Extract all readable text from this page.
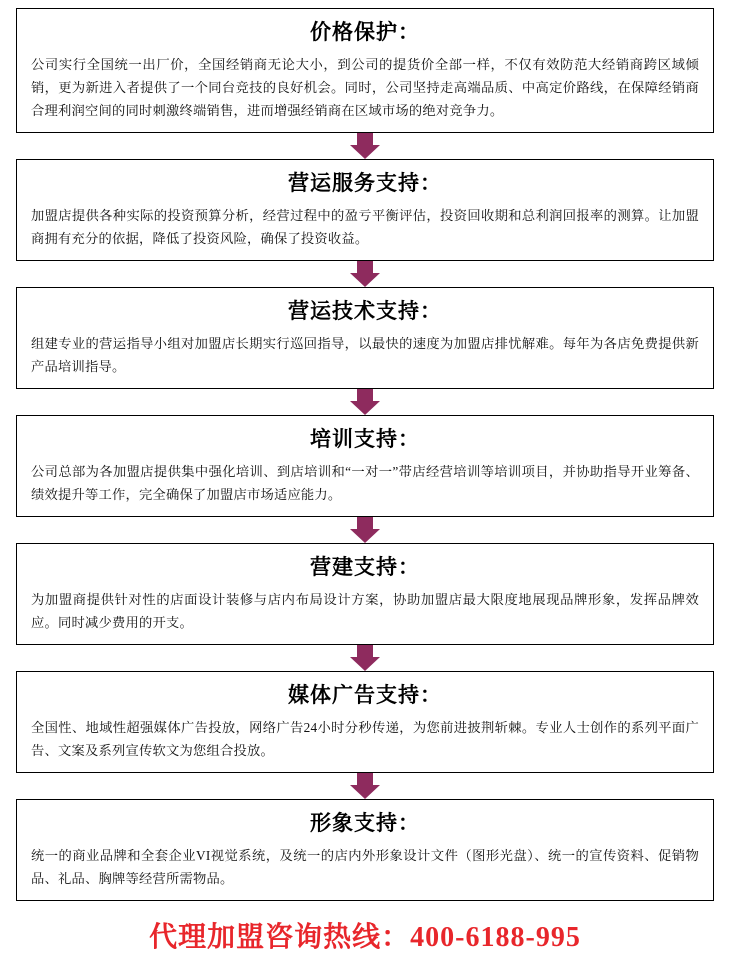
价格保护：
公司实行全国统一出厂价，全国经销商无论大小，到公司的提货价全部一样，不仅有效防范大经销商跨区域倾销，更为新进入者提供了一个同台竞技的良好机会。同时，公司坚持走高端品质、中高定价路线，在保障经销商合理利润空间的同时刺激终端销售，进而增强经销商在区域市场的绝对竞争力。
营运服务支持：
加盟店提供各种实际的投资预算分析，经营过程中的盈亏平衡评估，投资回收期和总利润回报率的测算。让加盟商拥有充分的依据，降低了投资风险，确保了投资收益。
营运技术支持：
组建专业的营运指导小组对加盟店长期实行巡回指导，以最快的速度为加盟店排忧解难。每年为各店免费提供新产品培训指导。
培训支持：
公司总部为各加盟店提供集中强化培训、到店培训和“一对一”带店经营培训等培训项目，并协助指导开业筹备、绩效提升等工作，完全确保了加盟店市场适应能力。
营建支持：
为加盟商提供针对性的店面设计装修与店内布局设计方案，协助加盟店最大限度地展现品牌形象，发挥品牌效应。同时减少费用的开支。
媒体广告支持：
全国性、地域性超强媒体广告投放，网络广告24小时分秒传递，为您前进披荆斩棘。专业人士创作的系列平面广告、文案及系列宣传软文为您组合投放。
形象支持：
统一的商业品牌和全套企业VI视觉系统，及统一的店内外形象设计文件（图形光盘）、统一的宣传资料、促销物品、礼品、胸牌等经营所需物品。
代理加盟咨询热线：400-6188-995
